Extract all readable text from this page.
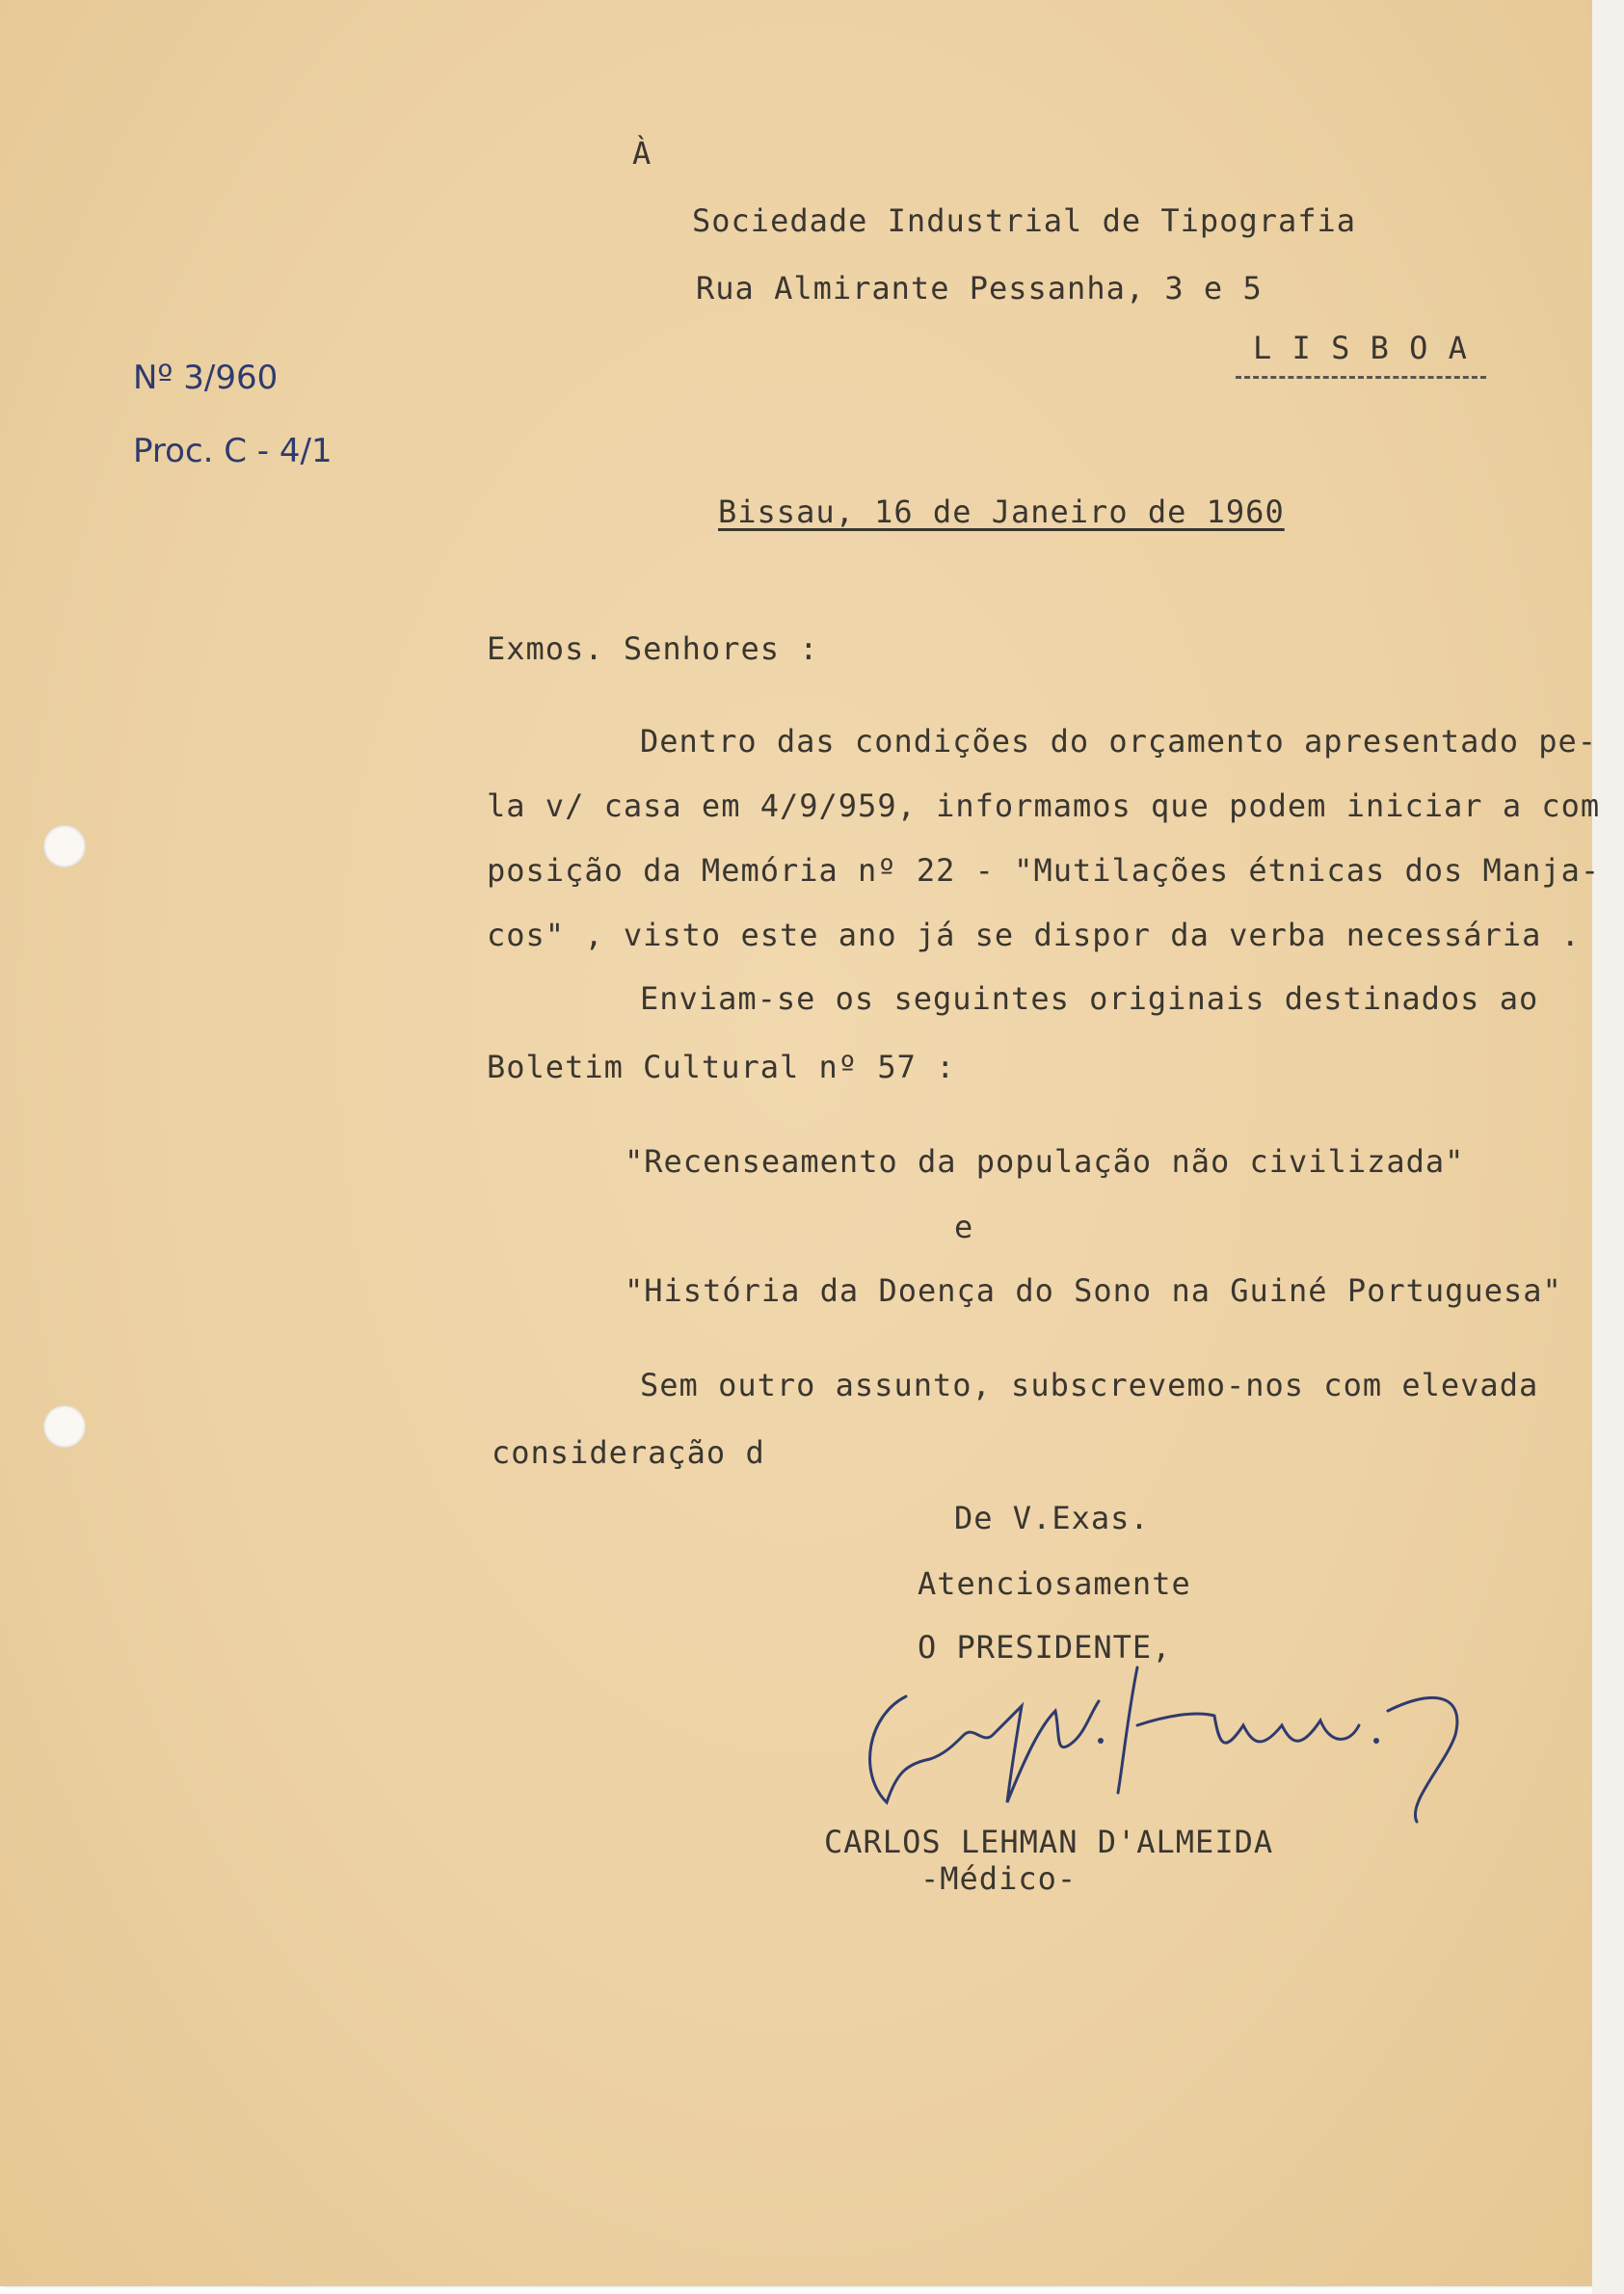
À

Sociedade Industrial de Tipografia

Rua Almirante Pessanha, 3 e 5

L I S B O A

Nº 3/960

Proc. C - 4/1

Bissau, 16 de Janeiro de 1960

Exmos. Senhores :

Dentro das condições do orçamento apresentado pe-

la v/ casa em 4/9/959, informamos que podem iniciar a com

posição da Memória nº 22 - "Mutilações étnicas dos Manja-

cos" , visto este ano já se dispor da verba necessária .

Enviam-se os seguintes originais destinados ao

Boletim Cultural nº 57 :

"Recenseamento da população não civilizada"

e

"História da Doença do Sono na Guiné Portuguesa"

Sem outro assunto, subscrevemo-nos com elevada

consideração d

De V.Exas.

Atenciosamente

O PRESIDENTE,

CARLOS LEHMAN D'ALMEIDA

-Médico-
